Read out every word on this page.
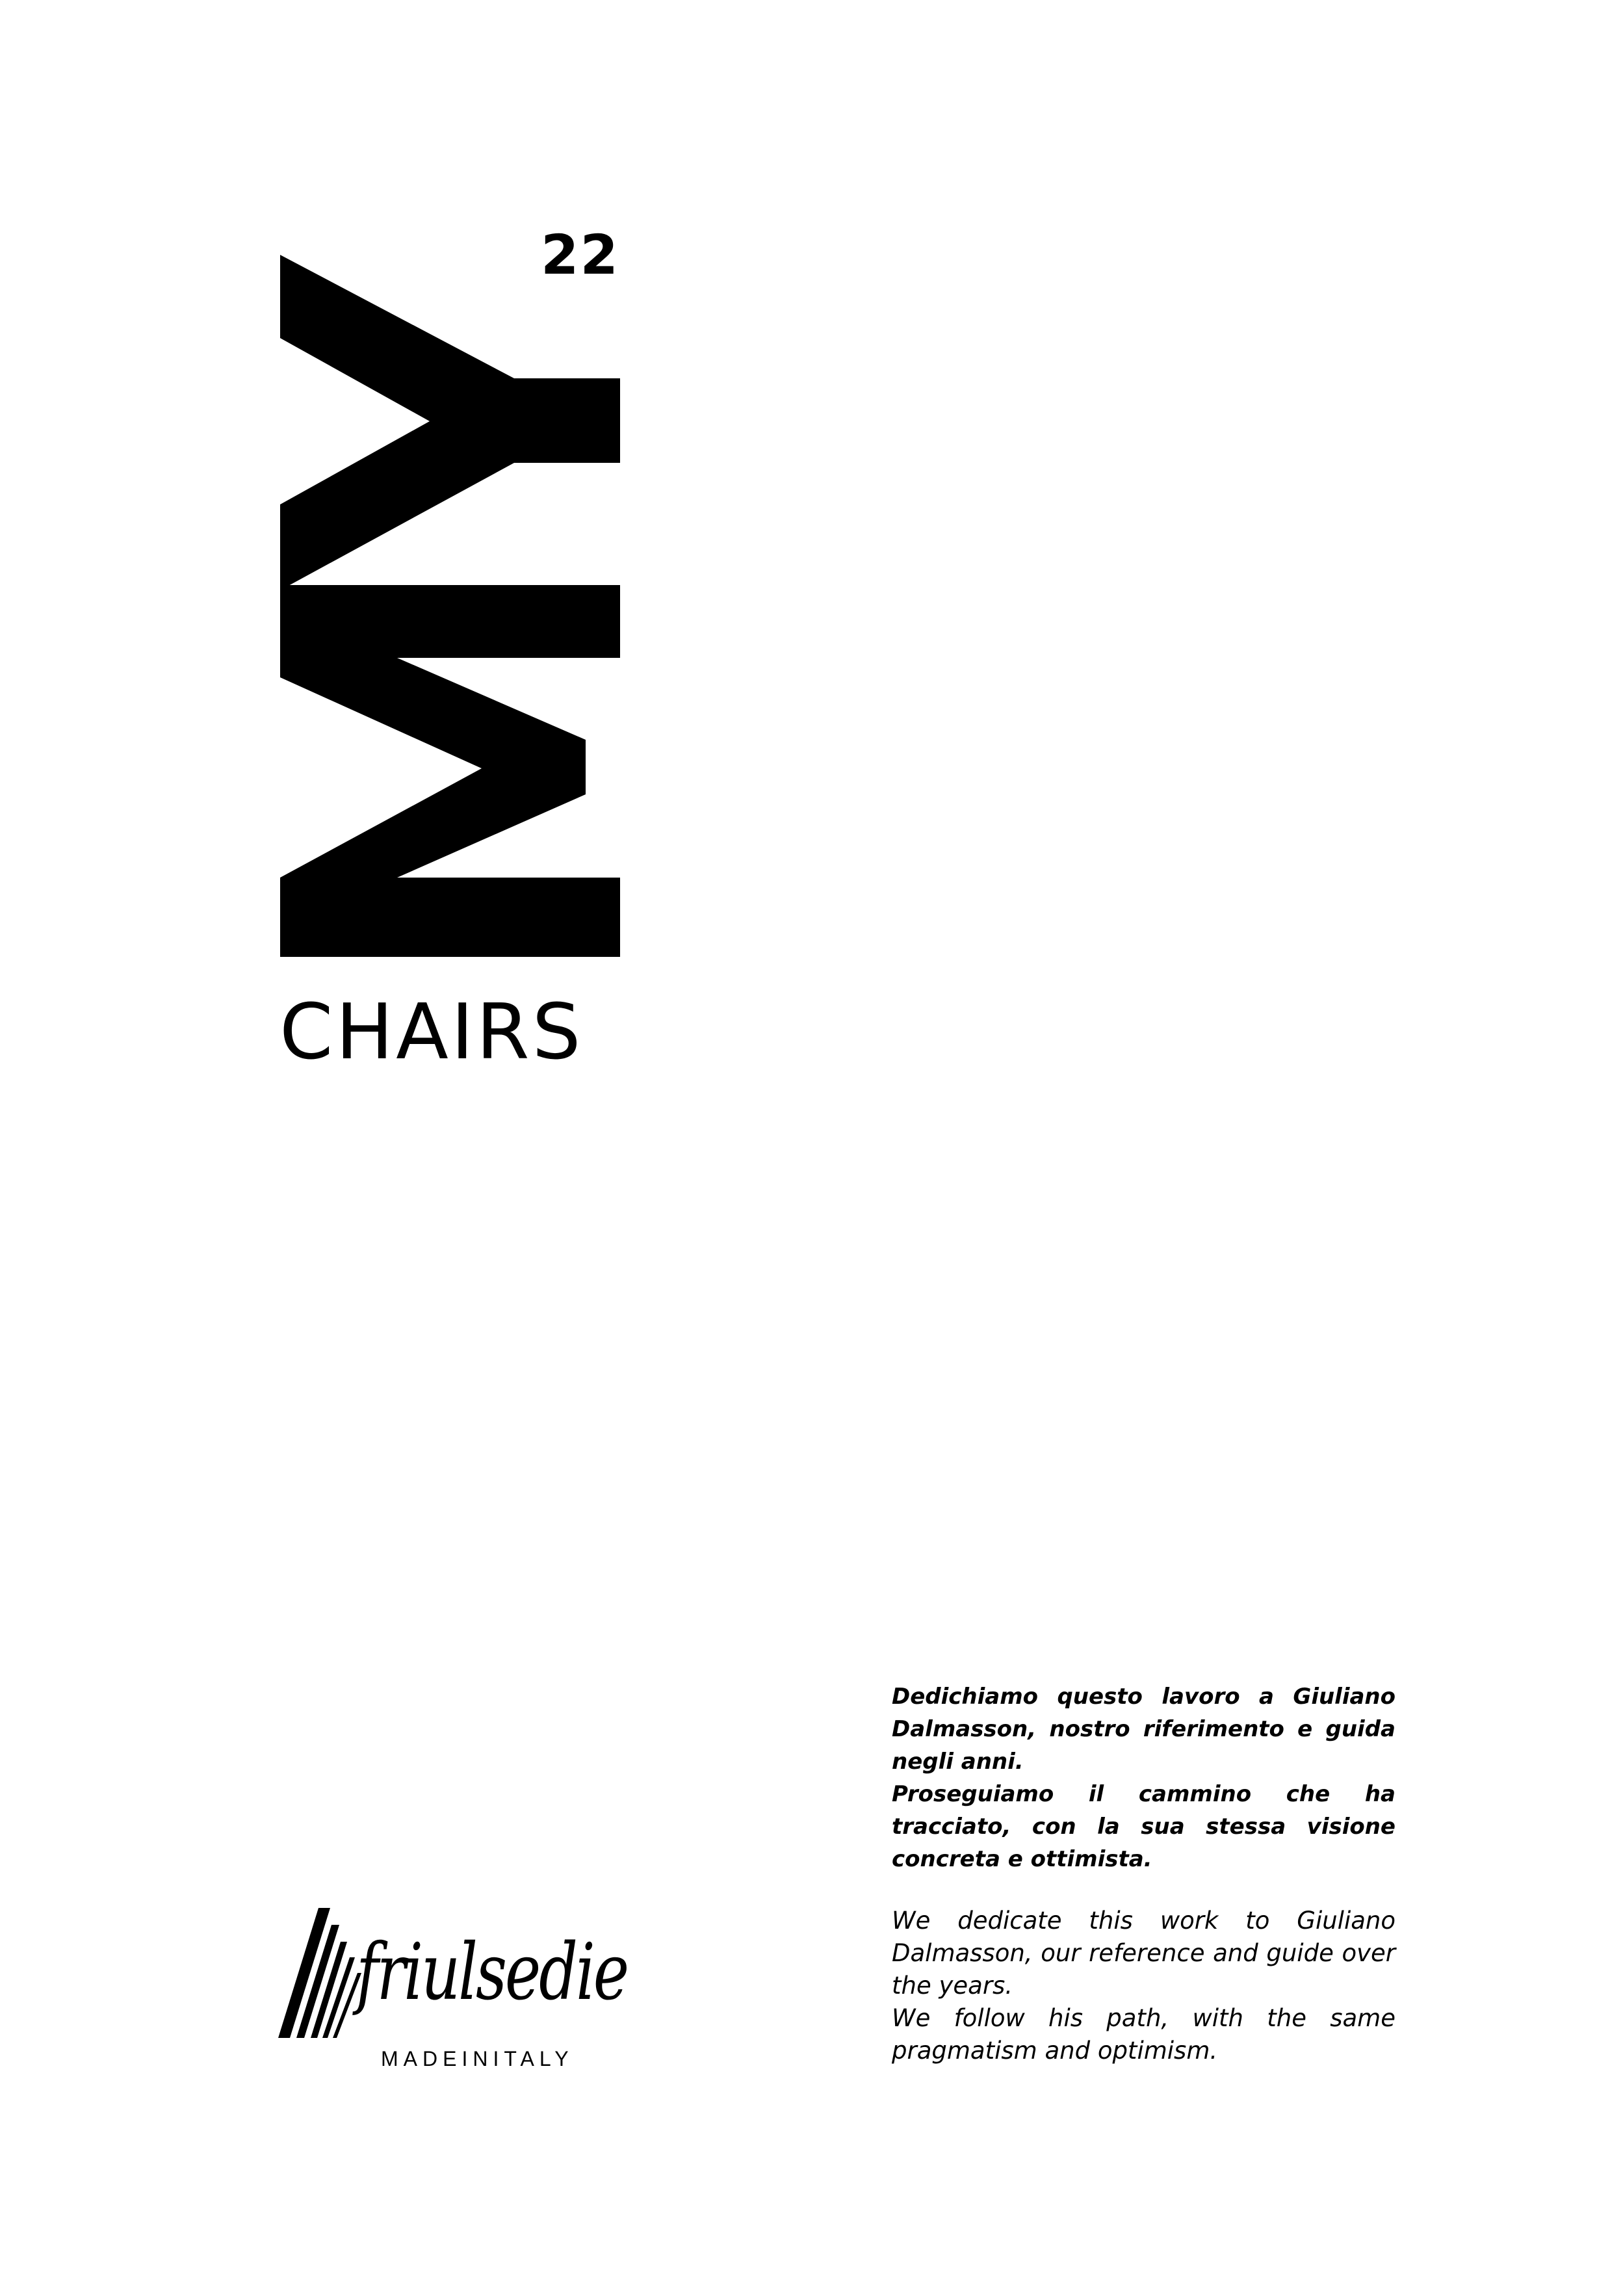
22
CHAIRS
friulsedie
MADEINITALY

Dedichiamo questo lavoro a Giuliano Dalmasson, nostro riferimento e guida negli anni.

Proseguiamo il cammino che ha tracciato, con la sua stessa visione concreta e ottimista.

We dedicate this work to Giuliano Dalmasson, our reference and guide over the years.

We follow his path, with the same pragmatism and optimism.
